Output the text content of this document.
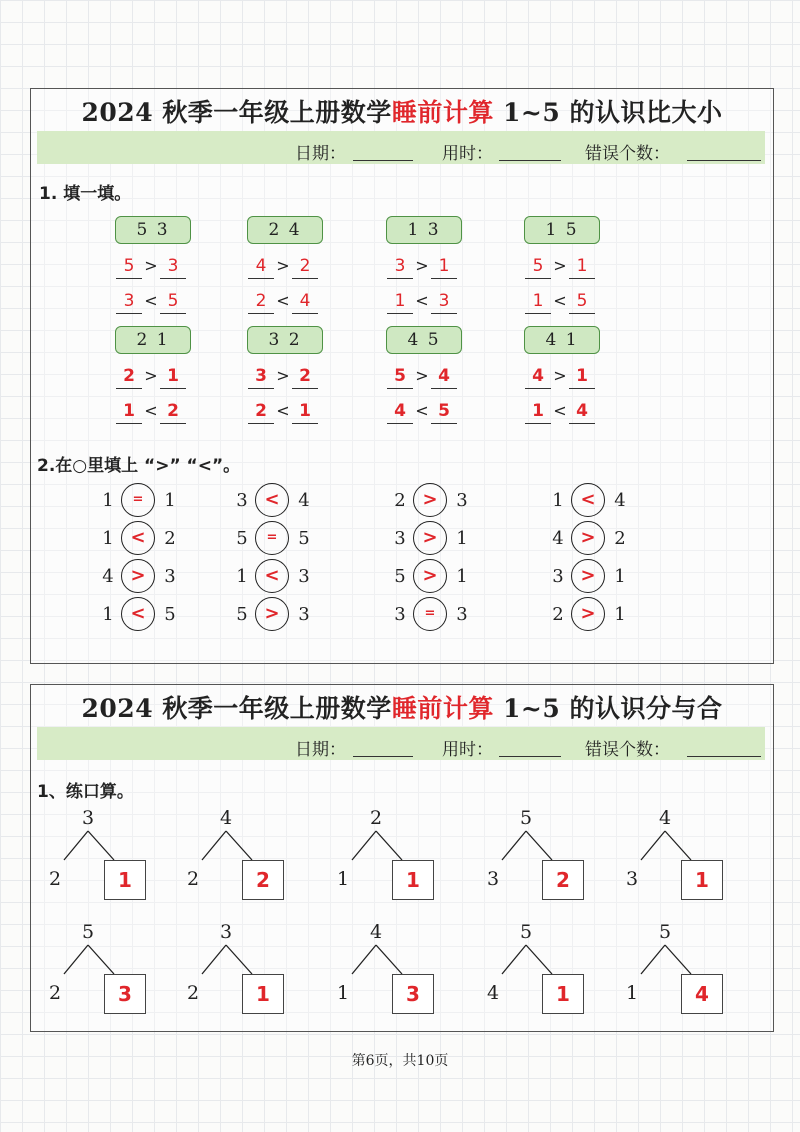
2024 秋季一年级上册数学睡前计算 1~5 的认识比大小
日期：	用时：	错误个数：
1. 填一填。
5 3
5 > 3
3 < 5
2 4
4 > 2
2 < 4
1 3
3 > 1
1 < 3
1 5
5 > 1
1 < 5
2 1
2 > 1
1 < 2
3 2
3 > 2
2 < 1
4 5
5 > 4
4 < 5
4 1
4 > 1
1 < 4
2.在○里填上 “>” “<”。
1	=	1
1 <	2
4 >	3
1 <	5
3 <	4
5	=	5
1 <	3
5 >	3
2 >	3
3 >	1
5 >	1
3	=	3
1 <	4
4 >	2
3 >	1
2 >	1
2024 秋季一年级上册数学睡前计算 1~5 的认识分与合
日期：	用时：	错误个数：
1、练口算。
3
2	1
4
2	2
2
1	1
5
3	2
4
3	1
5
2	3
3
2	1
4
1	3
5
4	1
5
1	4
第6页，共10页
